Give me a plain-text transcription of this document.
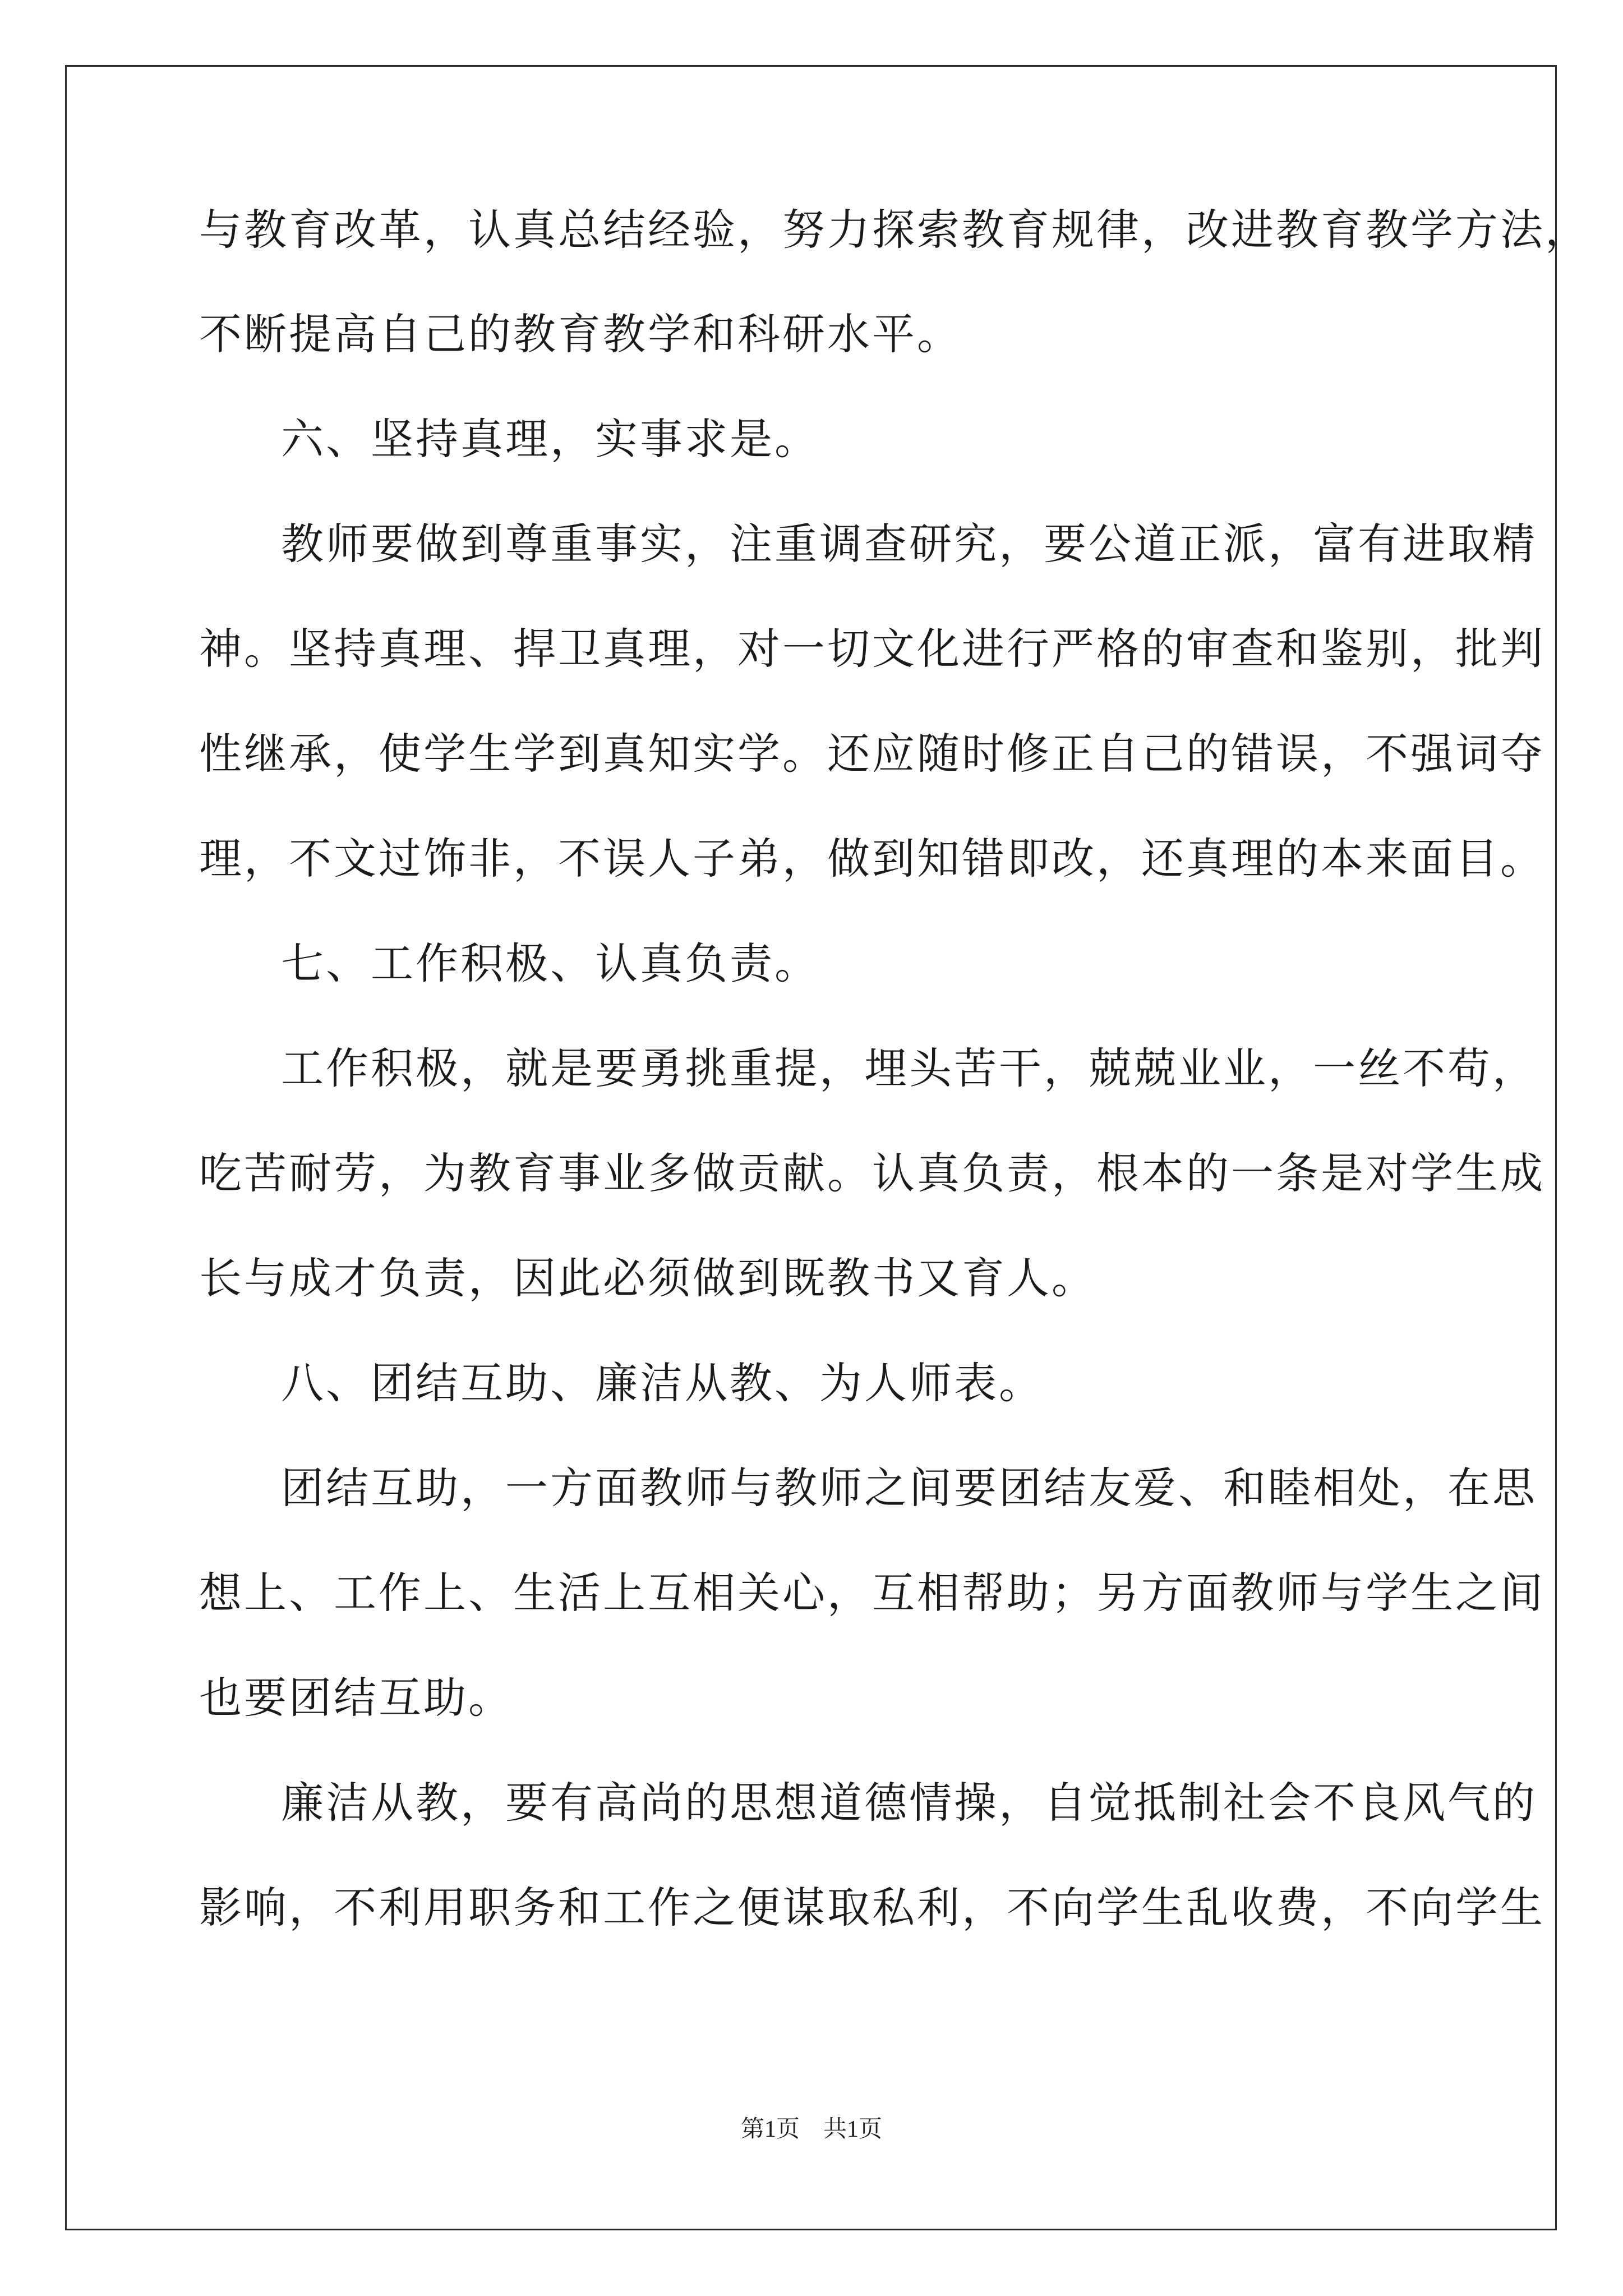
与教育改革，认真总结经验，努力探索教育规律，改进教育教学方法，
不断提高自己的教育教学和科研水平。
六、坚持真理，实事求是。
教师要做到尊重事实，注重调查研究，要公道正派，富有进取精
神。坚持真理、捍卫真理，对一切文化进行严格的审查和鉴别，批判
性继承，使学生学到真知实学。还应随时修正自己的错误，不强词夺
理，不文过饰非，不误人子弟，做到知错即改，还真理的本来面目。
七、工作积极、认真负责。
工作积极，就是要勇挑重提，埋头苦干，兢兢业业，一丝不苟，
吃苦耐劳，为教育事业多做贡献。认真负责，根本的一条是对学生成
长与成才负责，因此必须做到既教书又育人。
八、团结互助、廉洁从教、为人师表。
团结互助，一方面教师与教师之间要团结友爱、和睦相处，在思
想上、工作上、生活上互相关心，互相帮助；另方面教师与学生之间
也要团结互助。
廉洁从教，要有高尚的思想道德情操，自觉抵制社会不良风气的
影响，不利用职务和工作之便谋取私利，不向学生乱收费，不向学生
第1页　共1页
